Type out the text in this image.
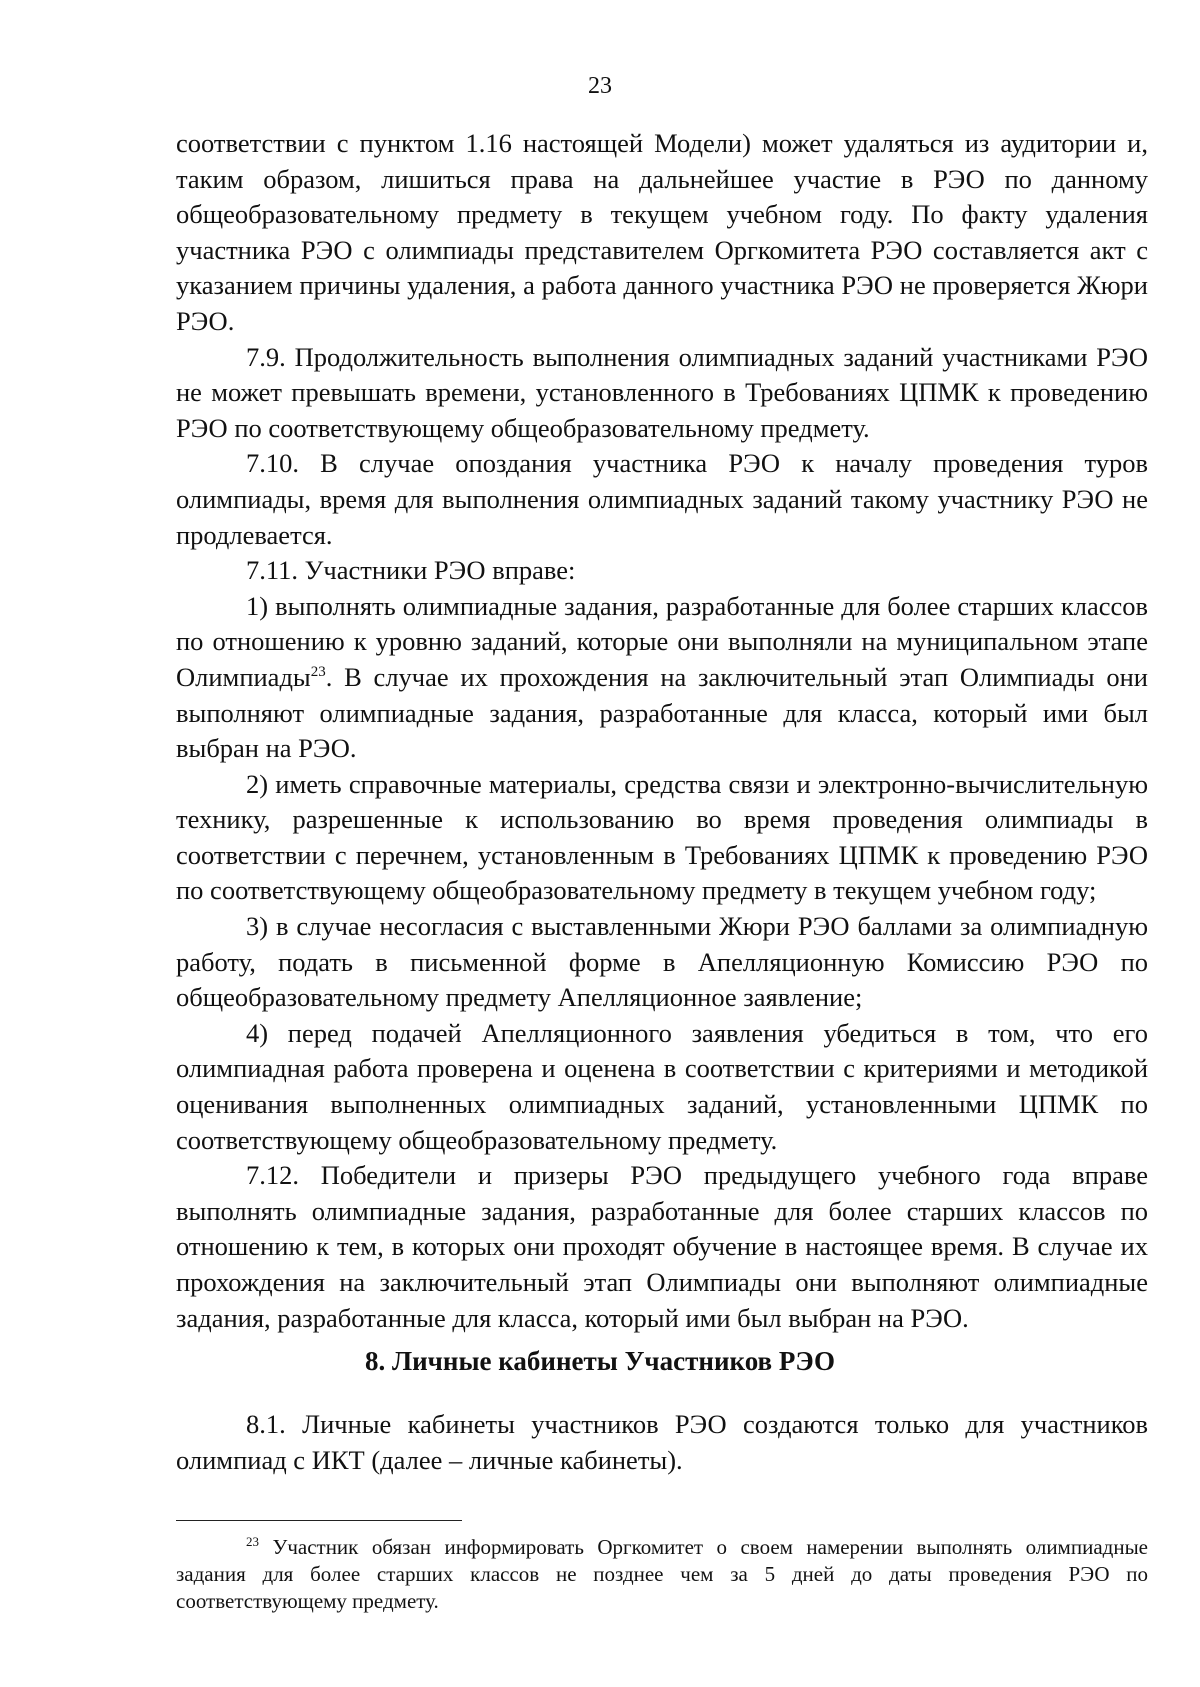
23

соответствии с пунктом 1.16 настоящей Модели) может удаляться из аудитории и, таким образом, лишиться права на дальнейшее участие в РЭО по данному общеобразовательному предмету в текущем учебном году. По факту удаления участника РЭО с олимпиады представителем Оргкомитета РЭО составляется акт с указанием причины удаления, а работа данного участника РЭО не проверяется Жюри РЭО.

7.9. Продолжительность выполнения олимпиадных заданий участниками РЭО не может превышать времени, установленного в Требованиях ЦПМК к проведению РЭО по соответствующему общеобразовательному предмету.

7.10. В случае опоздания участника РЭО к началу проведения туров олимпиады, время для выполнения олимпиадных заданий такому участнику РЭО не продлевается.

7.11. Участники РЭО вправе:

1) выполнять олимпиадные задания, разработанные для более старших классов по отношению к уровню заданий, которые они выполняли на муниципальном этапе Олимпиады$^{23}$. В случае их прохождения на заключительный этап Олимпиады они выполняют олимпиадные задания, разработанные для класса, который ими был выбран на РЭО.

2) иметь справочные материалы, средства связи и электронно-вычислительную технику, разрешенные к использованию во время проведения олимпиады в соответствии с перечнем, установленным в Требованиях ЦПМК к проведению РЭО по соответствующему общеобразовательному предмету в текущем учебном году;

3) в случае несогласия с выставленными Жюри РЭО баллами за олимпиадную работу, подать в письменной форме в Апелляционную Комиссию РЭО по общеобразовательному предмету Апелляционное заявление;

4) перед подачей Апелляционного заявления убедиться в том, что его олимпиадная работа проверена и оценена в соответствии с критериями и методикой оценивания выполненных олимпиадных заданий, установленными ЦПМК по соответствующему общеобразовательному предмету.

7.12. Победители и призеры РЭО предыдущего учебного года вправе выполнять олимпиадные задания, разработанные для более старших классов по отношению к тем, в которых они проходят обучение в настоящее время. В случае их прохождения на заключительный этап Олимпиады они выполняют олимпиадные задания, разработанные для класса, который ими был выбран на РЭО.

8. Личные кабинеты Участников РЭО

8.1. Личные кабинеты участников РЭО создаются только для участников олимпиад с ИКТ (далее – личные кабинеты).

$^{23}$ Участник обязан информировать Оргкомитет о своем намерении выполнять олимпиадные задания для более старших классов не позднее чем за 5 дней до даты проведения РЭО по соответствующему предмету.
